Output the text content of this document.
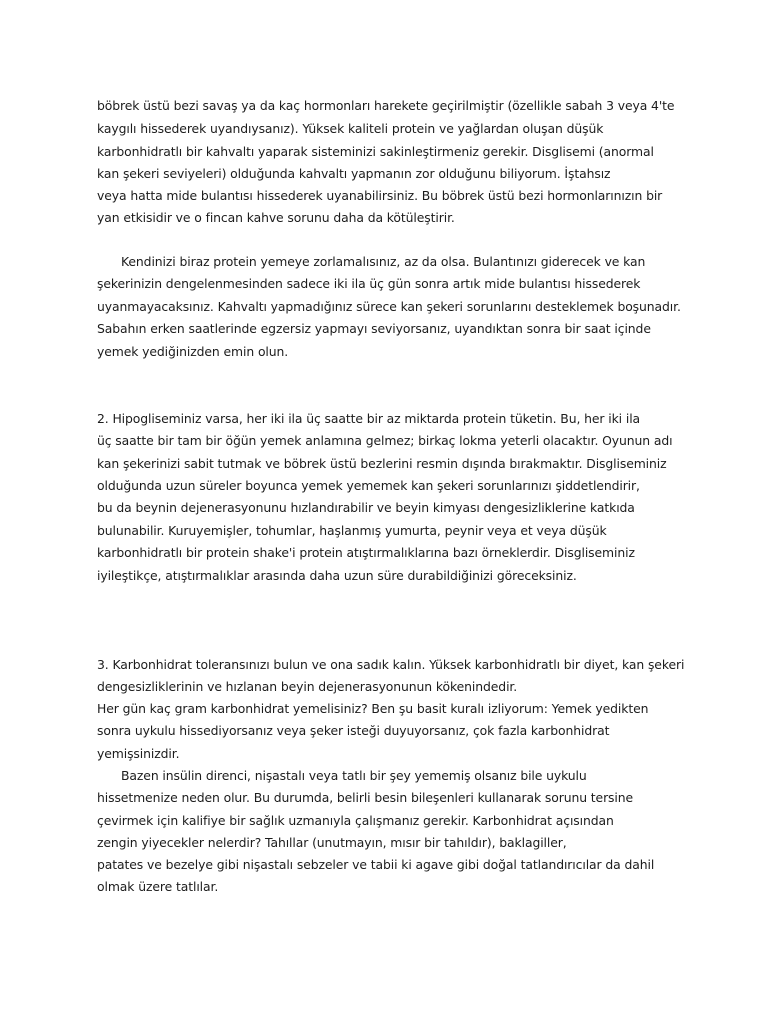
böbrek üstü bezi savaş ya da kaç hormonları harekete geçirilmiştir (özellikle sabah 3 veya 4'te
kaygılı hissederek uyandıysanız). Yüksek kaliteli protein ve yağlardan oluşan düşük
karbonhidratlı bir kahvaltı yaparak sisteminizi sakinleştirmeniz gerekir. Disglisemi (anormal
kan şekeri seviyeleri) olduğunda kahvaltı yapmanın zor olduğunu biliyorum. İştahsız
veya hatta mide bulantısı hissederek uyanabilirsiniz. Bu böbrek üstü bezi hormonlarınızın bir
yan etkisidir ve o fincan kahve sorunu daha da kötüleştirir.
Kendinizi biraz protein yemeye zorlamalısınız, az da olsa. Bulantınızı giderecek ve kan
şekerinizin dengelenmesinden sadece iki ila üç gün sonra artık mide bulantısı hissederek
uyanmayacaksınız. Kahvaltı yapmadığınız sürece kan şekeri sorunlarını desteklemek boşunadır.
Sabahın erken saatlerinde egzersiz yapmayı seviyorsanız, uyandıktan sonra bir saat içinde
yemek yediğinizden emin olun.
2. Hipogliseminiz varsa, her iki ila üç saatte bir az miktarda protein tüketin. Bu, her iki ila
üç saatte bir tam bir öğün yemek anlamına gelmez; birkaç lokma yeterli olacaktır. Oyunun adı
kan şekerinizi sabit tutmak ve böbrek üstü bezlerini resmin dışında bırakmaktır. Disgliseminiz
olduğunda uzun süreler boyunca yemek yememek kan şekeri sorunlarınızı şiddetlendirir,
bu da beynin dejenerasyonunu hızlandırabilir ve beyin kimyası dengesizliklerine katkıda
bulunabilir. Kuruyemişler, tohumlar, haşlanmış yumurta, peynir veya et veya düşük
karbonhidratlı bir protein shake'i protein atıştırmalıklarına bazı örneklerdir. Disgliseminiz
iyileştikçe, atıştırmalıklar arasında daha uzun süre durabildiğinizi göreceksiniz.
3. Karbonhidrat toleransınızı bulun ve ona sadık kalın. Yüksek karbonhidratlı bir diyet, kan şekeri
dengesizliklerinin ve hızlanan beyin dejenerasyonunun kökenindedir.
Her gün kaç gram karbonhidrat yemelisiniz? Ben şu basit kuralı izliyorum: Yemek yedikten
sonra uykulu hissediyorsanız veya şeker isteği duyuyorsanız, çok fazla karbonhidrat
yemişsinizdir.
Bazen insülin direnci, nişastalı veya tatlı bir şey yememiş olsanız bile uykulu
hissetmenize neden olur. Bu durumda, belirli besin bileşenleri kullanarak sorunu tersine
çevirmek için kalifiye bir sağlık uzmanıyla çalışmanız gerekir. Karbonhidrat açısından
zengin yiyecekler nelerdir? Tahıllar (unutmayın, mısır bir tahıldır), baklagiller,
patates ve bezelye gibi nişastalı sebzeler ve tabii ki agave gibi doğal tatlandırıcılar da dahil
olmak üzere tatlılar.
